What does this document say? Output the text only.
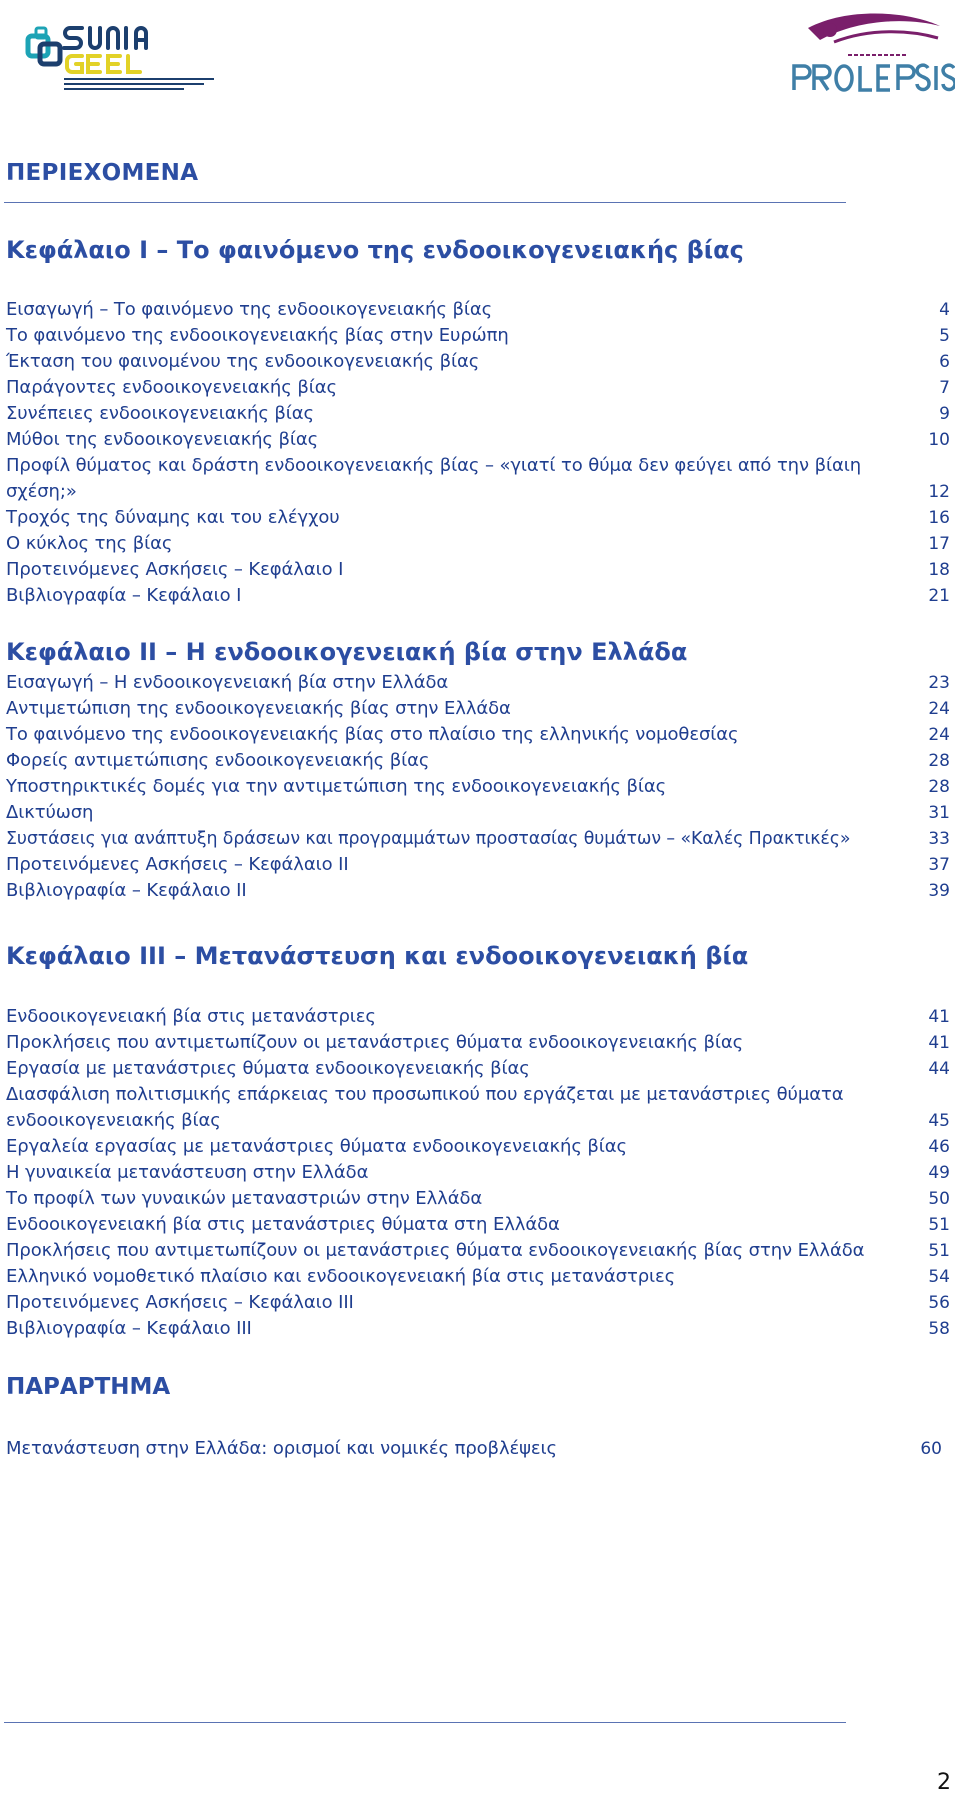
ΠΕΡΙΕΧΟΜΕΝΑ
Κεφάλαιο Ι – Το φαινόμενο της ενδοοικογενειακής βίας
Εισαγωγή – Το φαινόμενο της ενδοοικογενειακής βίας	4
Το φαινόμενο της ενδοοικογενειακής βίας στην Ευρώπη	5
Έκταση του φαινομένου της ενδοοικογενειακής βίας	6
Παράγοντες ενδοοικογενειακής βίας	7
Συνέπειες ενδοοικογενειακής βίας	9
Μύθοι της ενδοοικογενειακής βίας	10
Προφίλ θύματος και δράστη ενδοοικογενειακής βίας – «γιατί το θύμα δεν φεύγει από την βίαιη σχέση;»	12
Τροχός της δύναμης και του ελέγχου	16
Ο κύκλος της βίας	17
Προτεινόμενες Ασκήσεις – Κεφάλαιο Ι	18
Βιβλιογραφία – Κεφάλαιο Ι	21
Κεφάλαιο ΙΙ – Η ενδοοικογενειακή βία στην Ελλάδα
Εισαγωγή – Η ενδοοικογενειακή βία στην Ελλάδα	23
Αντιμετώπιση της ενδοοικογενειακής βίας στην Ελλάδα	24
Το φαινόμενο της ενδοοικογενειακής βίας στο πλαίσιο της ελληνικής νομοθεσίας	24
Φορείς αντιμετώπισης ενδοοικογενειακής βίας	28
Υποστηρικτικές δομές για την αντιμετώπιση της ενδοοικογενειακής βίας	28
Δικτύωση	31
Συστάσεις για ανάπτυξη δράσεων και προγραμμάτων προστασίας θυμάτων – «Καλές Πρακτικές»	33
Προτεινόμενες Ασκήσεις – Κεφάλαιο ΙΙ	37
Βιβλιογραφία – Κεφάλαιο ΙΙ	39
Κεφάλαιο ΙΙΙ – Μετανάστευση και ενδοοικογενειακή βία
Ενδοοικογενειακή βία στις μετανάστριες	41
Προκλήσεις που αντιμετωπίζουν οι μετανάστριες θύματα ενδοοικογενειακής βίας	41
Εργασία με μετανάστριες θύματα ενδοοικογενειακής βίας	44
Διασφάλιση πολιτισμικής επάρκειας του προσωπικού που εργάζεται με μετανάστριες θύματα ενδοοικογενειακής βίας	45
Εργαλεία εργασίας με μετανάστριες θύματα ενδοοικογενειακής βίας	46
Η γυναικεία μετανάστευση στην Ελλάδα	49
Το προφίλ των γυναικών μεταναστριών στην Ελλάδα	50
Ενδοοικογενειακή βία στις μετανάστριες θύματα στη Ελλάδα	51
Προκλήσεις που αντιμετωπίζουν οι μετανάστριες θύματα ενδοοικογενειακής βίας στην Ελλάδα	51
Ελληνικό νομοθετικό πλαίσιο και ενδοοικογενειακή βία στις μετανάστριες	54
Προτεινόμενες Ασκήσεις – Κεφάλαιο ΙΙΙ	56
Βιβλιογραφία – Κεφάλαιο ΙΙΙ	58
ΠΑΡΑΡΤΗΜΑ
Μετανάστευση στην Ελλάδα: ορισμοί και νομικές προβλέψεις	60
2
